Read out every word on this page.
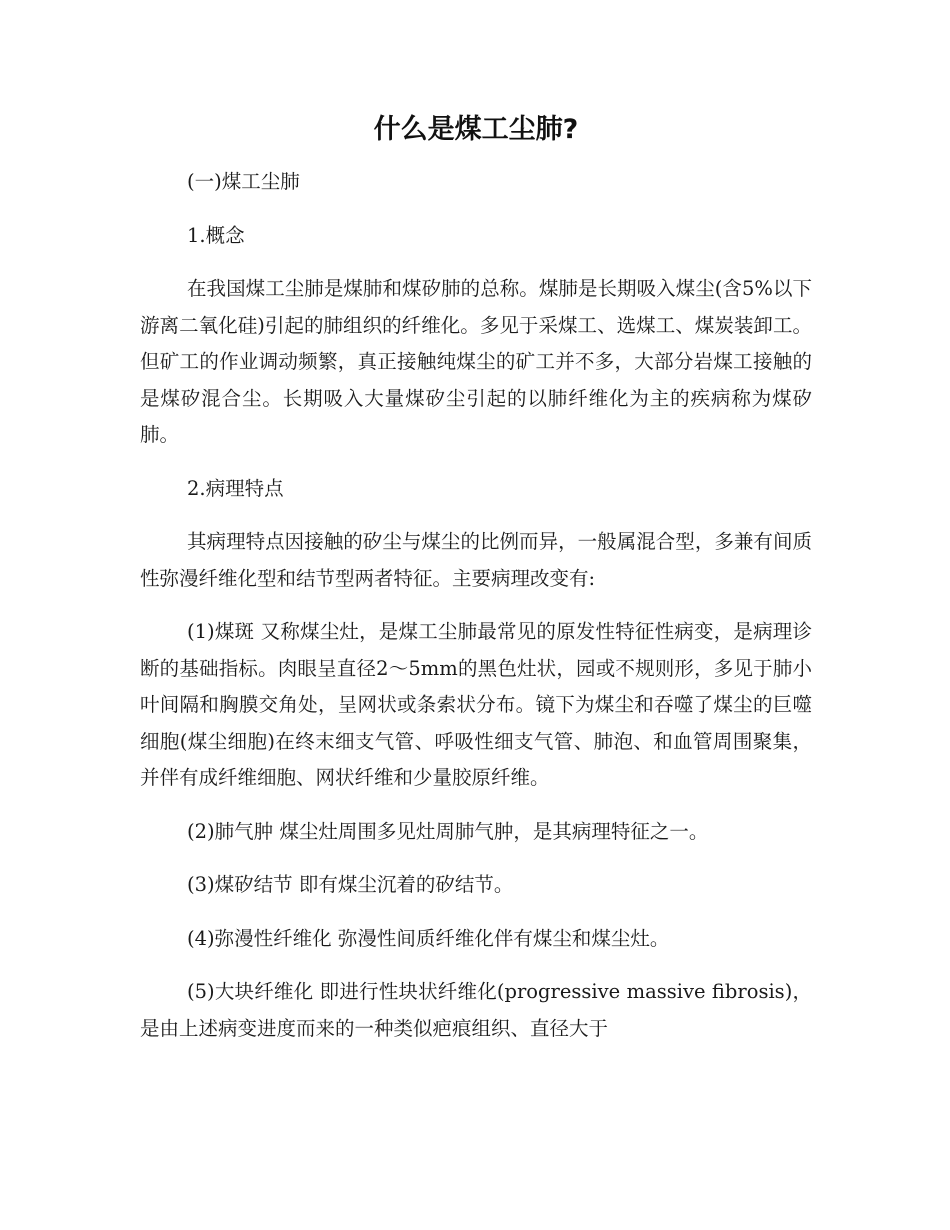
什么是煤工尘肺?

(一)煤工尘肺

1.概念

在我国煤工尘肺是煤肺和煤矽肺的总称。煤肺是长期吸入煤尘(含5%以下游离二氧化硅)引起的肺组织的纤维化。多见于采煤工、选煤工、煤炭装卸工。但矿工的作业调动频繁，真正接触纯煤尘的矿工并不多，大部分岩煤工接触的是煤矽混合尘。长期吸入大量煤矽尘引起的以肺纤维化为主的疾病称为煤矽肺。

2.病理特点

其病理特点因接触的矽尘与煤尘的比例而异，一般属混合型，多兼有间质性弥漫纤维化型和结节型两者特征。主要病理改变有:

(1)煤斑 又称煤尘灶，是煤工尘肺最常见的原发性特征性病变，是病理诊断的基础指标。肉眼呈直径2～5mm的黑色灶状，园或不规则形，多见于肺小叶间隔和胸膜交角处，呈网状或条索状分布。镜下为煤尘和吞噬了煤尘的巨噬细胞(煤尘细胞)在终末细支气管、呼吸性细支气管、肺泡、和血管周围聚集，并伴有成纤维细胞、网状纤维和少量胶原纤维。

(2)肺气肿 煤尘灶周围多见灶周肺气肿，是其病理特征之一。

(3)煤矽结节 即有煤尘沉着的矽结节。

(4)弥漫性纤维化 弥漫性间质纤维化伴有煤尘和煤尘灶。

(5)大块纤维化 即进行性块状纤维化(progressive massive fibrosis)，是由上述病变进度而来的一种类似疤痕组织、直径大于
